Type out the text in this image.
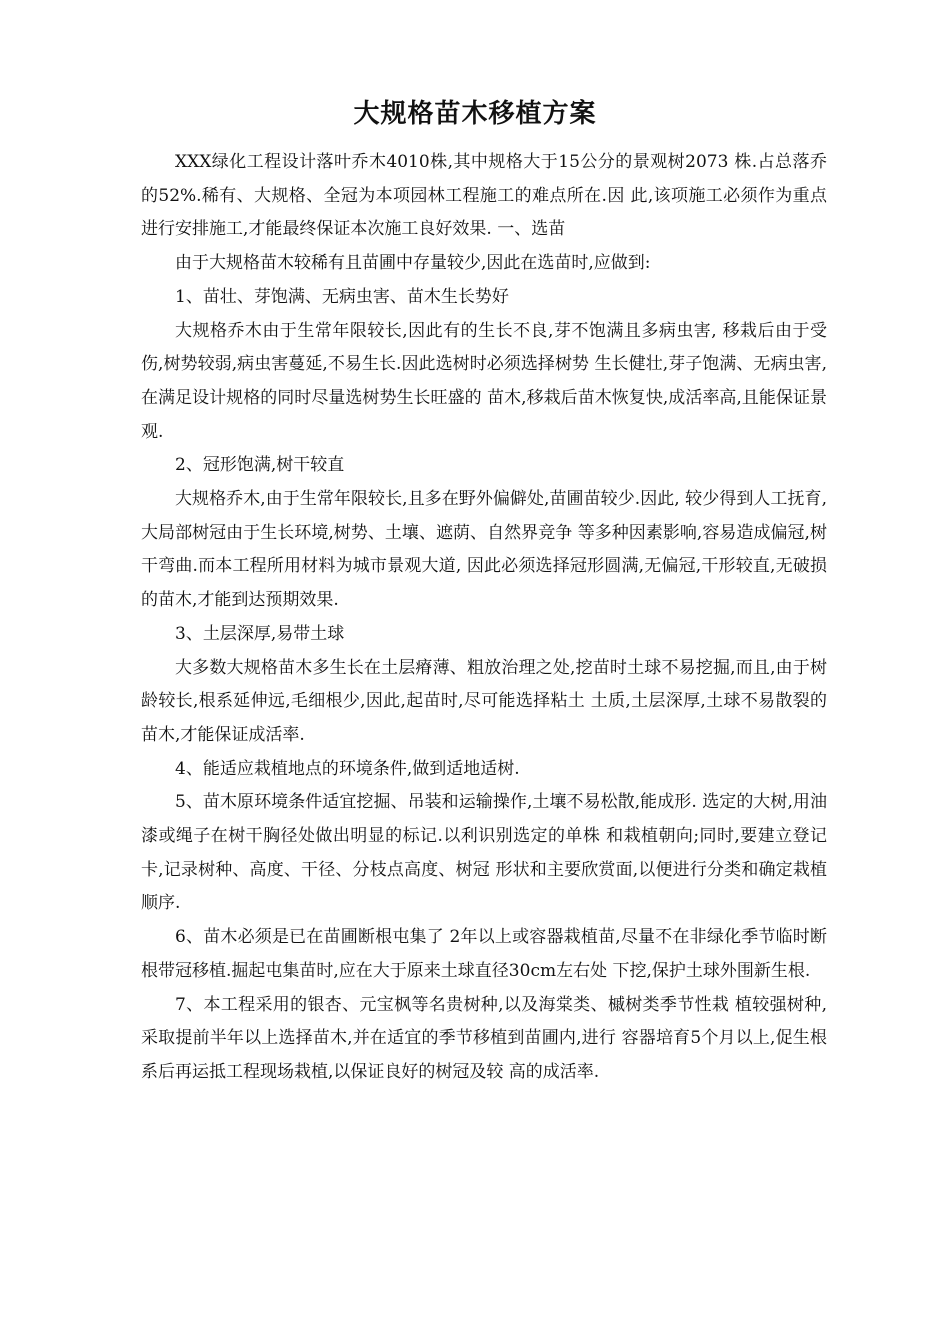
大规格苗木移植方案

XXX绿化工程设计落叶乔木4010株,其中规格大于15公分的景观树2073 株.占总落乔的52%.稀有、大规格、全冠为本项园林工程施工的难点所在.因 此,该项施工必须作为重点进行安排施工,才能最终保证本次施工良好效果. 一、选苗

由于大规格苗木较稀有且苗圃中存量较少,因此在选苗时,应做到:

1、苗壮、芽饱满、无病虫害、苗木生长势好

大规格乔木由于生常年限较长,因此有的生长不良,芽不饱满且多病虫害, 移栽后由于受伤,树势较弱,病虫害蔓延,不易生长.因此选树时必须选择树势 生长健壮,芽子饱满、无病虫害,在满足设计规格的同时尽量选树势生长旺盛的 苗木,移栽后苗木恢复快,成活率高,且能保证景观.

2、冠形饱满,树干较直

大规格乔木,由于生常年限较长,且多在野外偏僻处,苗圃苗较少.因此, 较少得到人工抚育,大局部树冠由于生长环境,树势、土壤、遮荫、自然界竞争 等多种因素影响,容易造成偏冠,树干弯曲.而本工程所用材料为城市景观大道, 因此必须选择冠形圆满,无偏冠,干形较直,无破损的苗木,才能到达预期效果.

3、土层深厚,易带土球

大多数大规格苗木多生长在土层瘠薄、粗放治理之处,挖苗时土球不易挖掘,而且,由于树龄较长,根系延伸远,毛细根少,因此,起苗时,尽可能选择粘土 土质,土层深厚,土球不易散裂的苗木,才能保证成活率.

4、能适应栽植地点的环境条件,做到适地适树.

5、苗木原环境条件适宜挖掘、吊装和运输操作,土壤不易松散,能成形. 选定的大树,用油漆或绳子在树干胸径处做出明显的标记.以利识别选定的单株 和栽植朝向;同时,要建立登记卡,记录树种、高度、干径、分枝点高度、树冠 形状和主要欣赏面,以便进行分类和确定栽植顺序.

6、苗木必须是已在苗圃断根屯集了 2年以上或容器栽植苗,尽量不在非绿化季节临时断根带冠移植.掘起屯集苗时,应在大于原来土球直径30cm左右处 下挖,保护土球外围新生根.

7、本工程采用的银杏、元宝枫等名贵树种,以及海棠类、槭树类季节性栽 植较强树种,采取提前半年以上选择苗木,并在适宜的季节移植到苗圃内,进行 容器培育5个月以上,促生根系后再运抵工程现场栽植,以保证良好的树冠及较 高的成活率.
